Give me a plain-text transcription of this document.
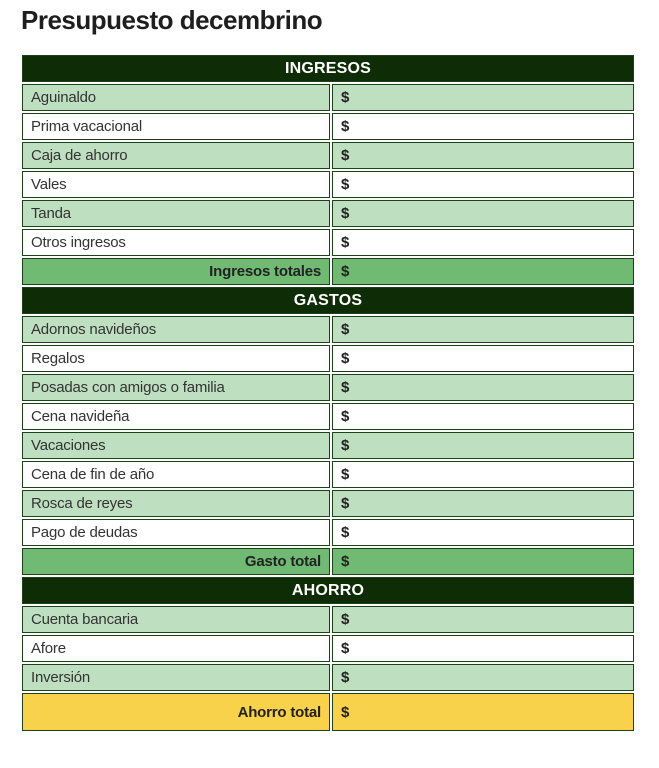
Presupuesto decembrino
INGRESOS	
Aguinaldo	$
Prima vacacional	$
Caja de ahorro	$
Vales	$
Tanda	$
Otros ingresos	$
Ingresos totales	$
GASTOS	
Adornos navideños	$
Regalos	$
Posadas con amigos o familia	$
Cena navideña	$
Vacaciones	$
Cena de fin de año	$
Rosca de reyes	$
Pago de deudas	$
Gasto total	$
AHORRO	
Cuenta bancaria	$
Afore	$
Inversión	$
Ahorro total	$
